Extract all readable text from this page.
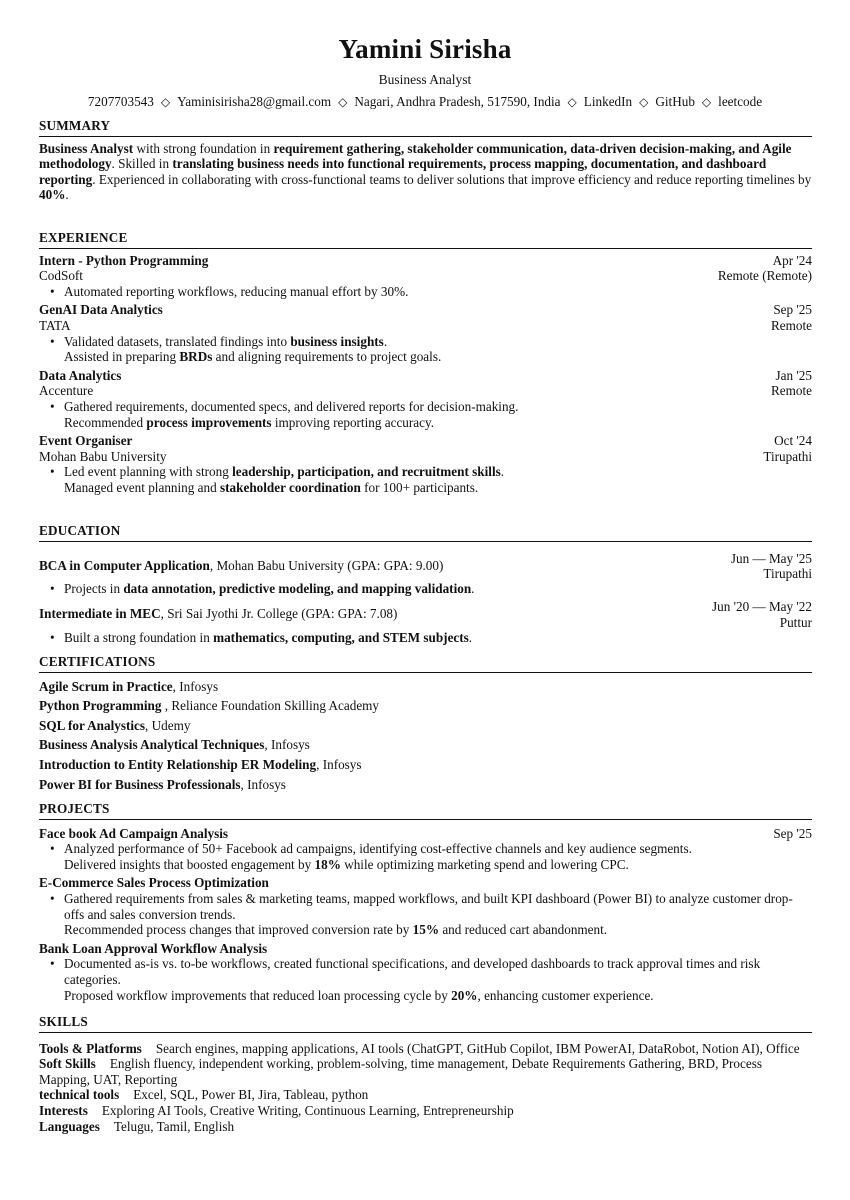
Yamini Sirisha
Business Analyst
7207703543 ◇ Yaminisirisha28@gmail.com ◇ Nagari, Andhra Pradesh, 517590, India ◇ LinkedIn ◇ GitHub ◇ leetcode
SUMMARY
Business Analyst with strong foundation in requirement gathering, stakeholder communication, data-driven decision-making, and Agile methodology. Skilled in translating business needs into functional requirements, process mapping, documentation, and dashboard reporting. Experienced in collaborating with cross-functional teams to deliver solutions that improve efficiency and reduce reporting timelines by 40%.
EXPERIENCE
Intern - Python Programming	Apr '24
CodSoft	Remote (Remote)
• Automated reporting workflows, reducing manual effort by 30%.
GenAI Data Analytics	Sep '25
TATA	Remote
• Validated datasets, translated findings into business insights.
Assisted in preparing BRDs and aligning requirements to project goals.
Data Analytics	Jan '25
Accenture	Remote
• Gathered requirements, documented specs, and delivered reports for decision-making.
Recommended process improvements improving reporting accuracy.
Event Organiser	Oct '24
Mohan Babu University	Tirupathi
• Led event planning with strong leadership, participation, and recruitment skills.
Managed event planning and stakeholder coordination for 100+ participants.
EDUCATION
BCA in Computer Application, Mohan Babu University (GPA: GPA: 9.00)	Jun — May '25
Tirupathi
• Projects in data annotation, predictive modeling, and mapping validation.
Intermediate in MEC, Sri Sai Jyothi Jr. College (GPA: GPA: 7.08)	Jun '20 — May '22
Puttur
• Built a strong foundation in mathematics, computing, and STEM subjects.
CERTIFICATIONS
Agile Scrum in Practice, Infosys
Python Programming , Reliance Foundation Skilling Academy
SQL for Analystics, Udemy
Business Analysis Analytical Techniques, Infosys
Introduction to Entity Relationship ER Modeling, Infosys
Power BI for Business Professionals, Infosys
PROJECTS
Face book Ad Campaign Analysis	Sep '25
• Analyzed performance of 50+ Facebook ad campaigns, identifying cost-effective channels and key audience segments.
Delivered insights that boosted engagement by 18% while optimizing marketing spend and lowering CPC.
E-Commerce Sales Process Optimization
• Gathered requirements from sales & marketing teams, mapped workflows, and built KPI dashboard (Power BI) to analyze customer drop-offs and sales conversion trends.
Recommended process changes that improved conversion rate by 15% and reduced cart abandonment.
Bank Loan Approval Workflow Analysis
• Documented as-is vs. to-be workflows, created functional specifications, and developed dashboards to track approval times and risk categories.
Proposed workflow improvements that reduced loan processing cycle by 20%, enhancing customer experience.
SKILLS
Tools & Platforms Search engines, mapping applications, AI tools (ChatGPT, GitHub Copilot, IBM PowerAI, DataRobot, Notion AI), Office
Soft Skills English fluency, independent working, problem-solving, time management, Debate Requirements Gathering, BRD, Process Mapping, UAT, Reporting
technical tools Excel, SQL, Power BI, Jira, Tableau, python
Interests Exploring AI Tools, Creative Writing, Continuous Learning, Entrepreneurship
Languages Telugu, Tamil, English
